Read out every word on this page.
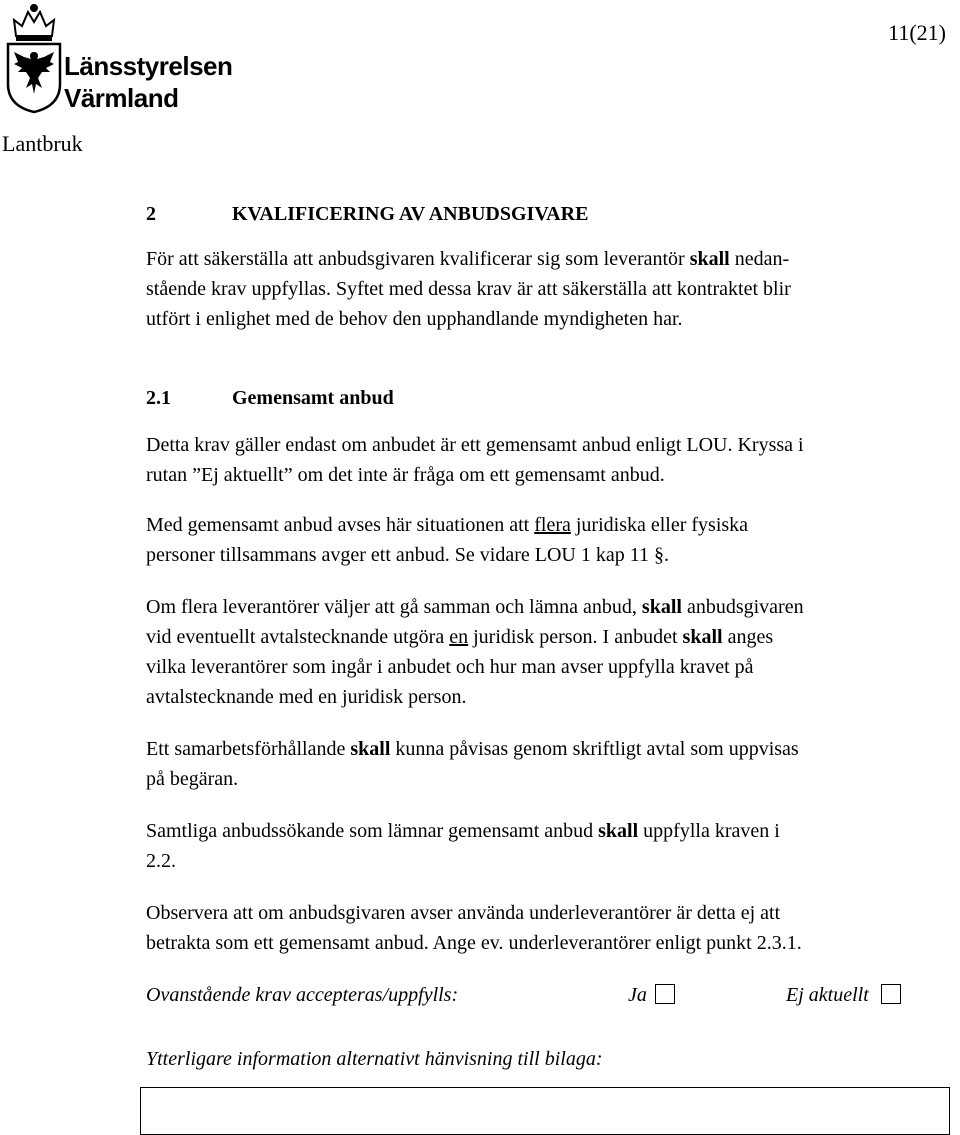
Länsstyrelsen
Värmland
Lantbruk
11(21)
2	KVALIFICERING AV ANBUDSGIVARE

För att säkerställa att anbudsgivaren kvalificerar sig som leverantör skall nedan-
stående krav uppfyllas. Syftet med dessa krav är att säkerställa att kontraktet blir
utfört i enlighet med de behov den upphandlande myndigheten har.

2.1	Gemensamt anbud

Detta krav gäller endast om anbudet är ett gemensamt anbud enligt LOU. Kryssa i
rutan ”Ej aktuellt” om det inte är fråga om ett gemensamt anbud.

Med gemensamt anbud avses här situationen att flera juridiska eller fysiska
personer tillsammans avger ett anbud. Se vidare LOU 1 kap 11 §.

Om flera leverantörer väljer att gå samman och lämna anbud, skall anbudsgivaren
vid eventuellt avtalstecknande utgöra en juridisk person. I anbudet skall anges
vilka leverantörer som ingår i anbudet och hur man avser uppfylla kravet på
avtalstecknande med en juridisk person.

Ett samarbetsförhållande skall kunna påvisas genom skriftligt avtal som uppvisas
på begäran.

Samtliga anbudssökande som lämnar gemensamt anbud skall uppfylla kraven i
2.2.

Observera att om anbudsgivaren avser använda underleverantörer är detta ej att
betrakta som ett gemensamt anbud. Ange ev. underleverantörer enligt punkt 2.3.1.

Ovanstående krav accepteras/uppfylls:	Ja	Ej aktuellt

Ytterligare information alternativt hänvisning till bilaga:
